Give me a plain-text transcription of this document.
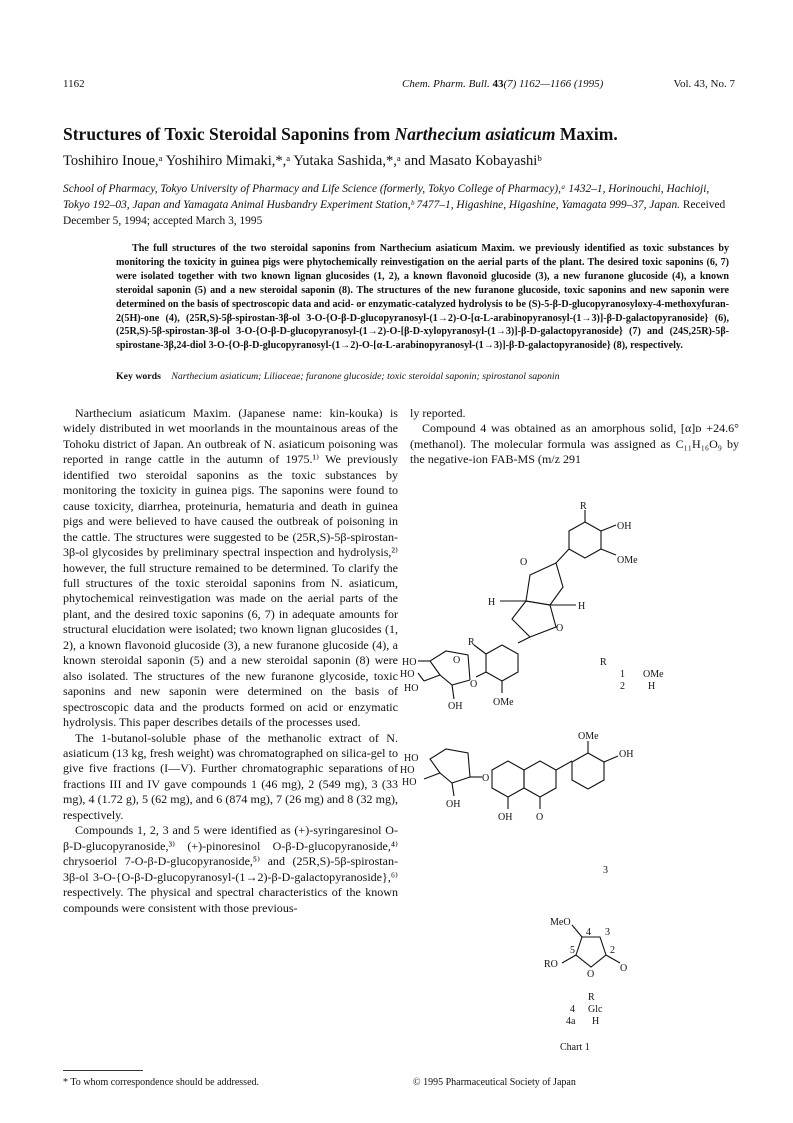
1162	Chem. Pharm. Bull. 43(7) 1162—1166 (1995)	Vol. 43, No. 7
Structures of Toxic Steroidal Saponins from Narthecium asiaticum Maxim.
Toshihiro Inoue,ᵃ Yoshihiro Mimaki,*,ᵃ Yutaka Sashida,*,ᵃ and Masato Kobayashiᵇ
School of Pharmacy, Tokyo University of Pharmacy and Life Science (formerly, Tokyo College of Pharmacy),ᵃ 1432–1, Horinouchi, Hachioji, Tokyo 192–03, Japan and Yamagata Animal Husbandry Experiment Station,ᵇ 7477–1, Higashine, Higashine, Yamagata 999–37, Japan. Received December 5, 1994; accepted March 3, 1995
The full structures of the two steroidal saponins from Narthecium asiaticum Maxim. we previously identified as toxic substances by monitoring the toxicity in guinea pigs were phytochemically reinvestigation on the aerial parts of the plant. The desired toxic saponins (6, 7) were isolated together with two known lignan glucosides (1, 2), a known flavonoid glucoside (3), a new furanone glucoside (4), a known steroidal saponin (5) and a new steroidal saponin (8). The structures of the new furanone glucoside, toxic saponins and new saponin were determined on the basis of spectroscopic data and acid- or enzymatic-catalyzed hydrolysis to be (S)-5-β-D-glucopyranosyloxy-4-methoxyfuran-2(5H)-one (4), (25R,S)-5β-spirostan-3β-ol 3-O-{O-β-D-glucopyranosyl-(1→2)-O-[α-L-arabinopyranosyl-(1→3)]-β-D-galactopyranoside} (6), (25R,S)-5β-spirostan-3β-ol 3-O-{O-β-D-glucopyranosyl-(1→2)-O-[β-D-xylopyranosyl-(1→3)]-β-D-galactopyranoside} (7) and (24S,25R)-5β-spirostane-3β,24-diol 3-O-{O-β-D-glucopyranosyl-(1→2)-O-[α-L-arabinopyranosyl-(1→3)]-β-D-galactopyranoside} (8), respectively.
Key words Narthecium asiaticum; Liliaceae; furanone glucoside; toxic steroidal saponin; spirostanol saponin

Narthecium asiaticum Maxim. (Japanese name: kin-kouka) is widely distributed in wet moorlands in the mountainous areas of the Tohoku district of Japan. An outbreak of N. asiaticum poisoning was reported in range cattle in the autumn of 1975.¹⁾ We previously identified two steroidal saponins as the toxic substances by monitoring the toxicity in guinea pigs. The saponins were found to cause toxicity, diarrhea, proteinuria, hematuria and death in guinea pigs and were believed to have caused the outbreak of poisoning in the cattle. The structures were suggested to be (25R,S)-5β-spirostan-3β-ol glycosides by preliminary spectral inspection and hydrolysis,²⁾ however, the full structure remained to be determined. To clarify the full structures of the toxic steroidal saponins from N. asiaticum, phytochemical reinvestigation was made on the aerial parts of the plant, and the desired toxic saponins (6, 7) in adequate amounts for structural elucidation were isolated; two known lignan glucosides (1, 2), a known flavonoid glucoside (3), a new furanone glucoside (4), a known steroidal saponin (5) and a new steroidal saponin (8) were also isolated. The structures of the new furanone glycoside, toxic saponins and new saponin were determined on the basis of spectroscopic data and the products formed on acid or enzymatic hydrolysis. This paper describes details of the processes used.

The 1-butanol-soluble phase of the methanolic extract of N. asiaticum (13 kg, fresh weight) was chromatographed on silica-gel to give five fractions (I—V). Further chromatographic separations of fractions III and IV gave compounds 1 (46 mg), 2 (549 mg), 3 (33 mg), 4 (1.72 g), 5 (62 mg), and 6 (874 mg), 7 (26 mg) and 8 (32 mg), respectively.

Compounds 1, 2, 3 and 5 were identified as (+)-syringaresinol O-β-D-glucopyranoside,³⁾ (+)-pinoresinol O-β-D-glucopyranoside,⁴⁾ chrysoeriol 7-O-β-D-glucopyranoside,⁵⁾ and (25R,S)-5β-spirostan-3β-ol 3-O-{O-β-D-glucopyranosyl-(1→2)-β-D-galactopyranoside},⁶⁾respectively. The physical and spectral characteristics of the known compounds were consistent with those previous-

ly reported.

Compound 4 was obtained as an amorphous solid, [α]ᴅ +24.6° (methanol). The molecular formula was assigned as C₁₁H₁₆O₉ by the negative-ion FAB-MS (m/z 291

R
OH
OMe
O
H	H
O
R
O
OMe
O
HO
HO
HO
OH
R
1 OMe
2 H
OMe
OH
HO
HO
HO
OH
O
OH O
3
MeO
4 3
5	2
O
RO
O
R
4 Glc
4a H
Chart 1
* To whom correspondence should be addressed.	© 1995 Pharmaceutical Society of Japan
